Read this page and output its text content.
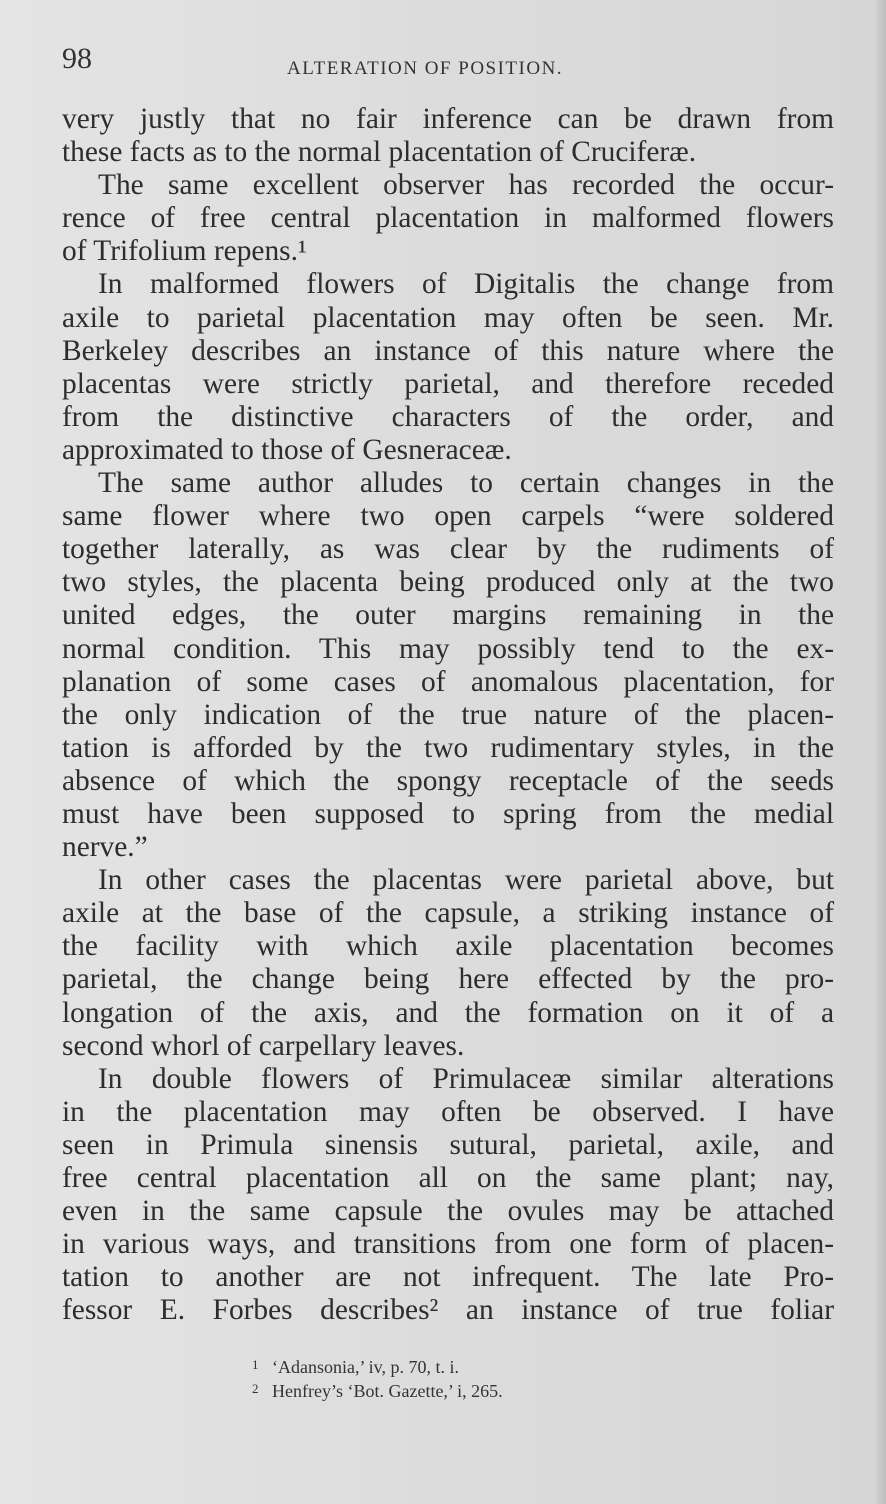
98	ALTERATION OF POSITION.
very justly that no fair inference can be drawn from
these facts as to the normal placentation of Cruciferæ.
The same excellent observer has recorded the occur-
rence of free central placentation in malformed flowers
of Trifolium repens.¹
In malformed flowers of Digitalis the change from
axile to parietal placentation may often be seen. Mr.
Berkeley describes an instance of this nature where the
placentas were strictly parietal, and therefore receded
from the distinctive characters of the order, and
approximated to those of Gesneraceæ.
The same author alludes to certain changes in the
same flower where two open carpels “were soldered
together laterally, as was clear by the rudiments of
two styles, the placenta being produced only at the two
united edges, the outer margins remaining in the
normal condition. This may possibly tend to the ex-
planation of some cases of anomalous placentation, for
the only indication of the true nature of the placen-
tation is afforded by the two rudimentary styles, in the
absence of which the spongy receptacle of the seeds
must have been supposed to spring from the medial
nerve.”
In other cases the placentas were parietal above, but
axile at the base of the capsule, a striking instance of
the facility with which axile placentation becomes
parietal, the change being here effected by the pro-
longation of the axis, and the formation on it of a
second whorl of carpellary leaves.
In double flowers of Primulaceæ similar alterations
in the placentation may often be observed. I have
seen in Primula sinensis sutural, parietal, axile, and
free central placentation all on the same plant; nay,
even in the same capsule the ovules may be attached
in various ways, and transitions from one form of placen-
tation to another are not infrequent. The late Pro-
fessor E. Forbes describes² an instance of true foliar
1 ‘Adansonia,’ iv, p. 70, t. i.
2 Henfrey’s ‘Bot. Gazette,’ i, 265.
